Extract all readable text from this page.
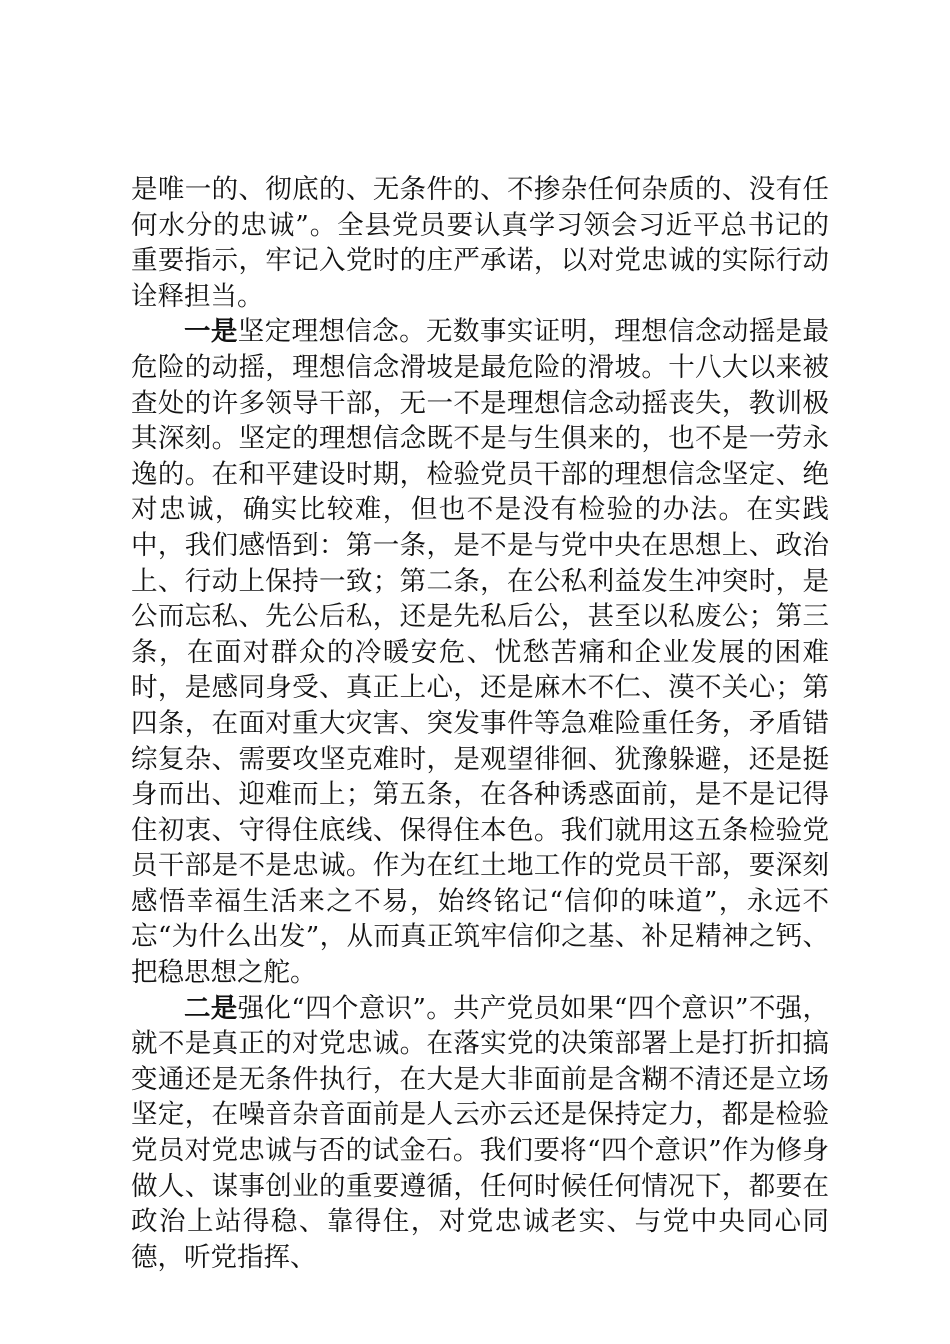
是唯一的、彻底的、无条件的、不掺杂任何杂质的、没有任何水分的忠诚”。全县党员要认真学习领会习近平总书记的重要指示，牢记入党时的庄严承诺，以对党忠诚的实际行动诠释担当。

一是坚定理想信念。无数事实证明，理想信念动摇是最危险的动摇，理想信念滑坡是最危险的滑坡。十八大以来被查处的许多领导干部，无一不是理想信念动摇丧失，教训极其深刻。坚定的理想信念既不是与生俱来的，也不是一劳永逸的。在和平建设时期，检验党员干部的理想信念坚定、绝对忠诚，确实比较难，但也不是没有检验的办法。在实践中，我们感悟到：第一条，是不是与党中央在思想上、政治上、行动上保持一致；第二条，在公私利益发生冲突时，是公而忘私、先公后私，还是先私后公，甚至以私废公；第三条，在面对群众的冷暖安危、忧愁苦痛和企业发展的困难时，是感同身受、真正上心，还是麻木不仁、漠不关心；第四条，在面对重大灾害、突发事件等急难险重任务，矛盾错综复杂、需要攻坚克难时，是观望徘徊、犹豫躲避，还是挺身而出、迎难而上；第五条，在各种诱惑面前，是不是记得住初衷、守得住底线、保得住本色。我们就用这五条检验党员干部是不是忠诚。作为在红土地工作的党员干部，要深刻感悟幸福生活来之不易，始终铭记“信仰的味道”，永远不忘“为什么出发”，从而真正筑牢信仰之基、补足精神之钙、把稳思想之舵。

二是强化“四个意识”。共产党员如果“四个意识”不强，就不是真正的对党忠诚。在落实党的决策部署上是打折扣搞变通还是无条件执行，在大是大非面前是含糊不清还是立场坚定，在噪音杂音面前是人云亦云还是保持定力，都是检验党员对党忠诚与否的试金石。我们要将“四个意识”作为修身做人、谋事创业的重要遵循，任何时候任何情况下，都要在政治上站得稳、靠得住，对党忠诚老实、与党中央同心同德，听党指挥、
